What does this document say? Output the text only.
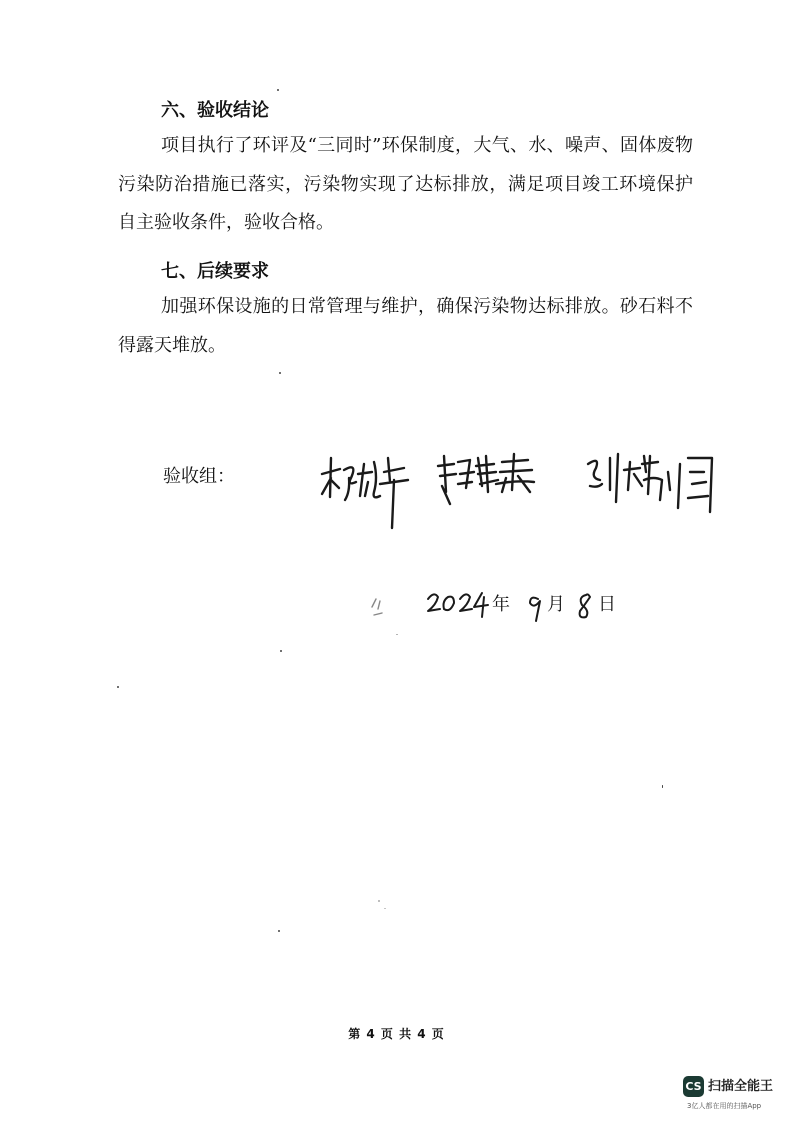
六、验收结论
项目执行了环评及“三同时”环保制度，大气、水、噪声、固体废物污染防治措施已落实，污染物实现了达标排放，满足项目竣工环境保护自主验收条件，验收合格。
七、后续要求
加强环保设施的日常管理与维护，确保污染物达标排放。砂石料不得露天堆放。
验收组：
年 月 日
第 4 页 共 4 页
CS 扫描全能王
3亿人都在用的扫描App
